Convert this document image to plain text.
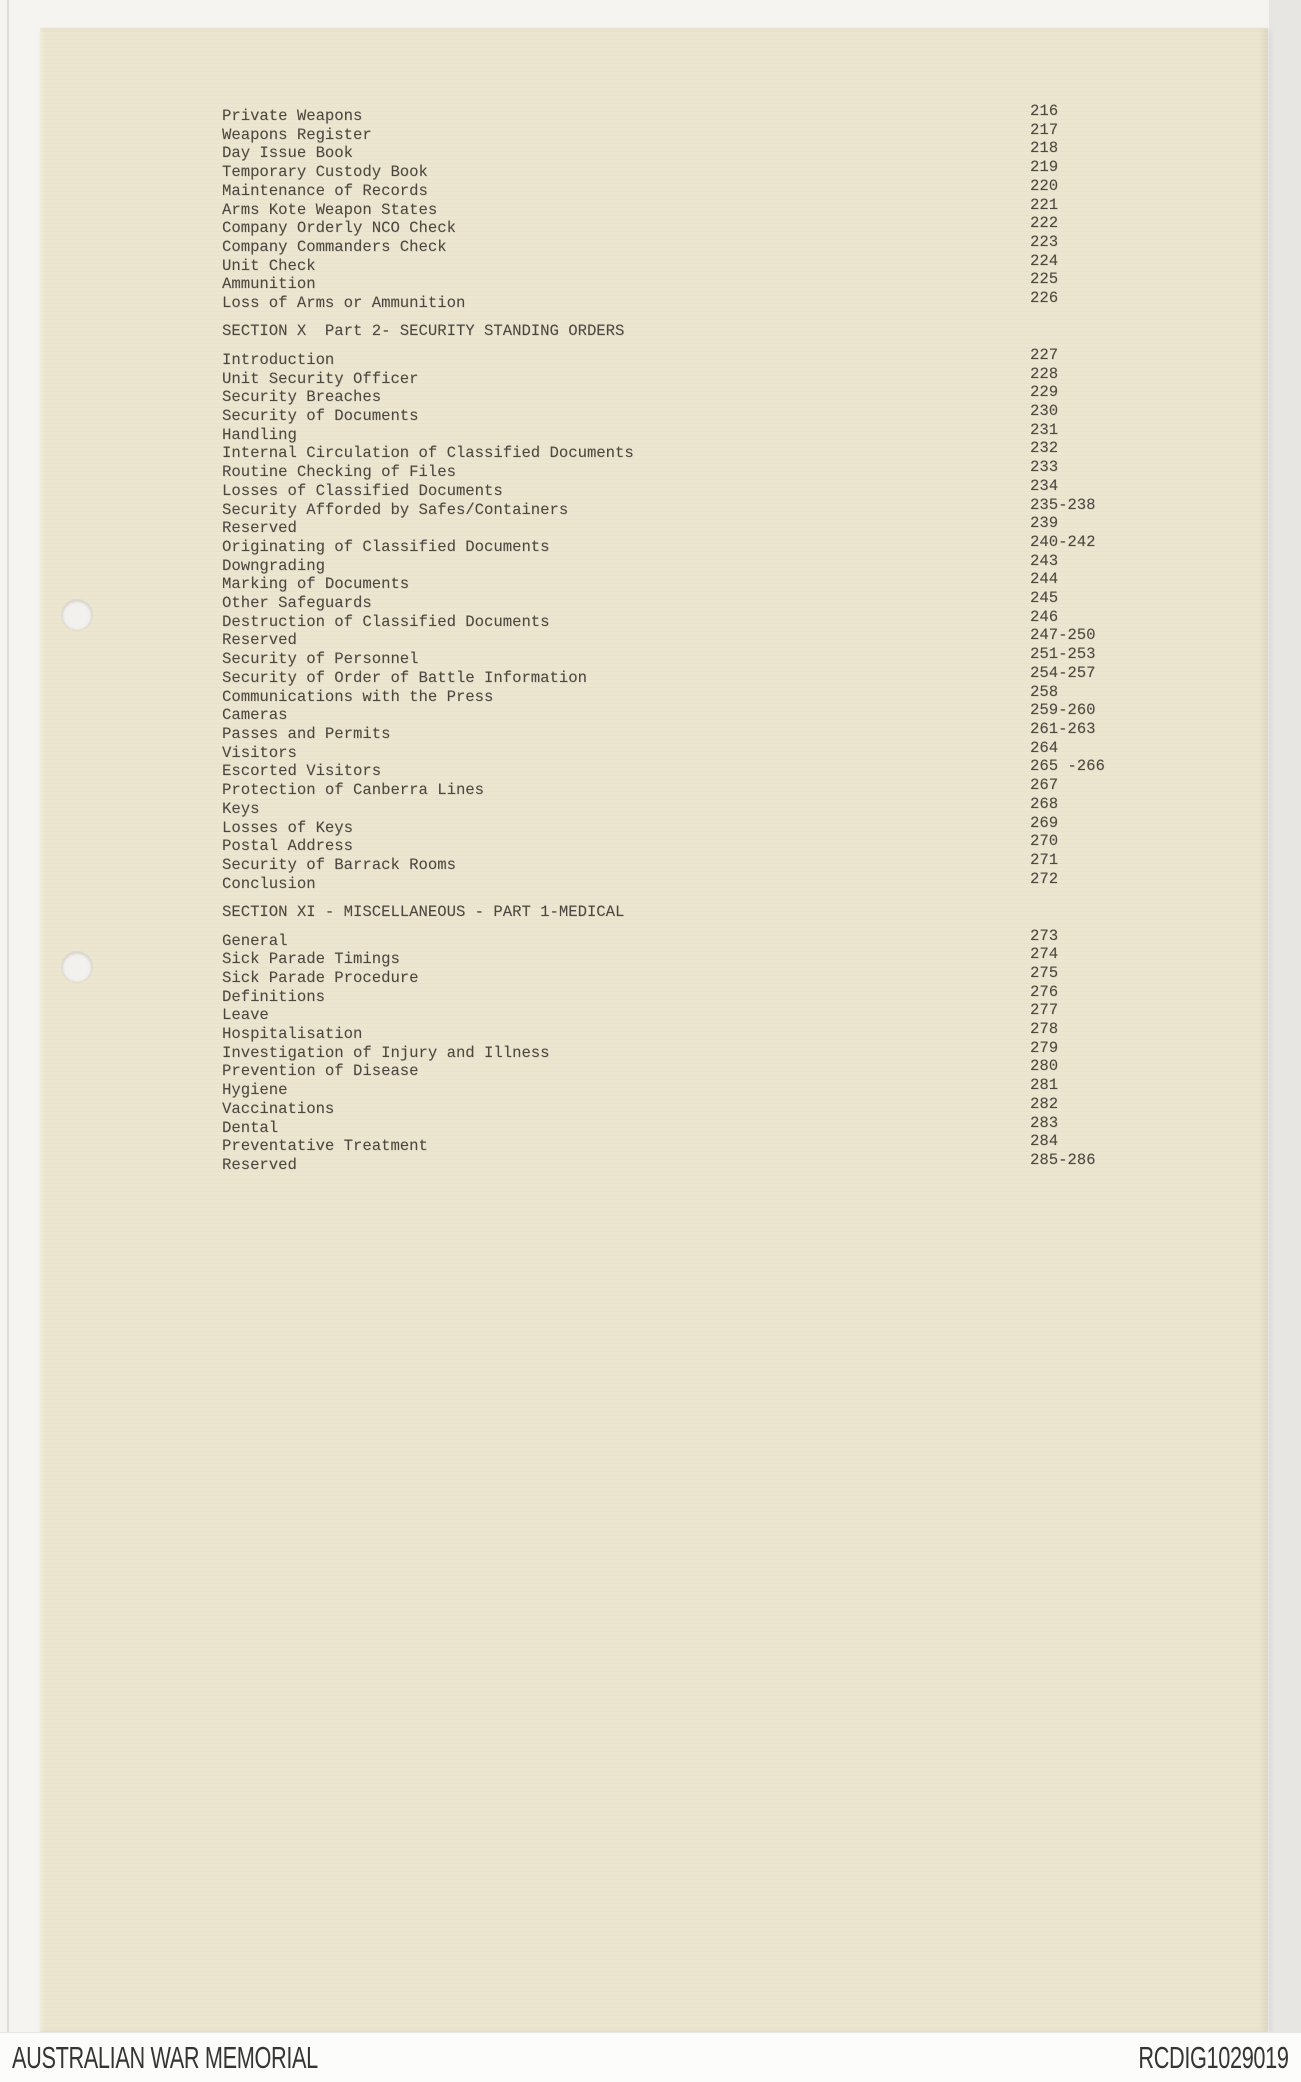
Private Weapons	216
Weapons Register	217
Day Issue Book	218
Temporary Custody Book	219
Maintenance of Records	220
Arms Kote Weapon States	221
Company Orderly NCO Check	222
Company Commanders Check	223
Unit Check	224
Ammunition	225
Loss of Arms or Ammunition	226
SECTION X  Part 2- SECURITY STANDING ORDERS
Introduction	227
Unit Security Officer	228
Security Breaches	229
Security of Documents	230
Handling	231
Internal Circulation of Classified Documents	232
Routine Checking of Files	233
Losses of Classified Documents	234
Security Afforded by Safes/Containers	235-238
Reserved	239
Originating of Classified Documents	240-242
Downgrading	243
Marking of Documents	244
Other Safeguards	245
Destruction of Classified Documents	246
Reserved	247-250
Security of Personnel	251-253
Security of Order of Battle Information	254-257
Communications with the Press	258
Cameras	259-260
Passes and Permits	261-263
Visitors	264
Escorted Visitors	265 -266
Protection of Canberra Lines	267
Keys	268
Losses of Keys	269
Postal Address	270
Security of Barrack Rooms	271
Conclusion	272
SECTION XI - MISCELLANEOUS - PART 1-MEDICAL
General	273
Sick Parade Timings	274
Sick Parade Procedure	275
Definitions	276
Leave	277
Hospitalisation	278
Investigation of Injury and Illness	279
Prevention of Disease	280
Hygiene	281
Vaccinations	282
Dental	283
Preventative Treatment	284
Reserved	285-286
AUSTRALIAN WAR MEMORIAL	RCDIG1029019
